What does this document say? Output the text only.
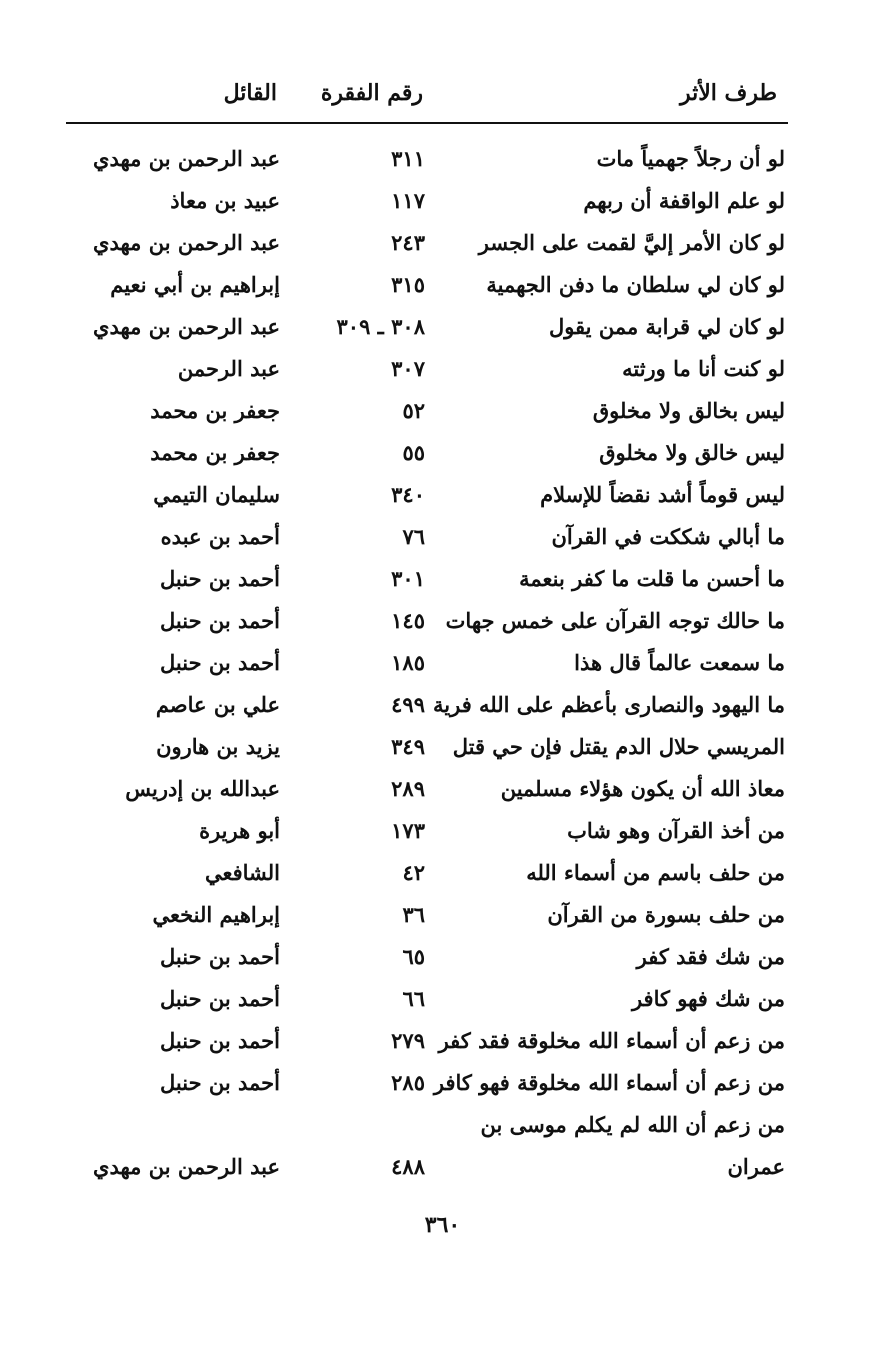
طرف الأثر
رقم الفقرة
القائل
لو أن رجلاً جهمياً مات
٣١١
عبد الرحمن بن مهدي
لو علم الواقفة أن ربهم
١١٧
عبيد بن معاذ
لو كان الأمر إليَّ لقمت على الجسر
٢٤٣
عبد الرحمن بن مهدي
لو كان لي سلطان ما دفن الجهمية
٣١٥
إبراهيم بن أبي نعيم
لو كان لي قرابة ممن يقول
٣٠٨ ـ ٣٠٩
عبد الرحمن بن مهدي
لو كنت أنا ما ورثته
٣٠٧
عبد الرحمن
ليس بخالق ولا مخلوق
٥٢
جعفر بن محمد
ليس خالق ولا مخلوق
٥٥
جعفر بن محمد
ليس قوماً أشد نقضاً للإسلام
٣٤٠
سليمان التيمي
ما أبالي شككت في القرآن
٧٦
أحمد بن عبده
ما أحسن ما قلت ما كفر بنعمة
٣٠١
أحمد بن حنبل
ما حالك توجه القرآن على خمس جهات
١٤٥
أحمد بن حنبل
ما سمعت عالماً قال هذا
١٨٥
أحمد بن حنبل
ما اليهود والنصارى بأعظم على الله فرية
٤٩٩
علي بن عاصم
المريسي حلال الدم يقتل فإن حي قتل
٣٤٩
يزيد بن هارون
معاذ الله أن يكون هؤلاء مسلمين
٢٨٩
عبدالله بن إدريس
من أخذ القرآن وهو شاب
١٧٣
أبو هريرة
من حلف باسم من أسماء الله
٤٢
الشافعي
من حلف بسورة من القرآن
٣٦
إبراهيم النخعي
من شك فقد كفر
٦٥
أحمد بن حنبل
من شك فهو كافر
٦٦
أحمد بن حنبل
من زعم أن أسماء الله مخلوقة فقد كفر
٢٧٩
أحمد بن حنبل
من زعم أن أسماء الله مخلوقة فهو كافر
٢٨٥
أحمد بن حنبل
من زعم أن الله لم يكلم موسى بن
عمران
٤٨٨
عبد الرحمن بن مهدي
٣٦٠
